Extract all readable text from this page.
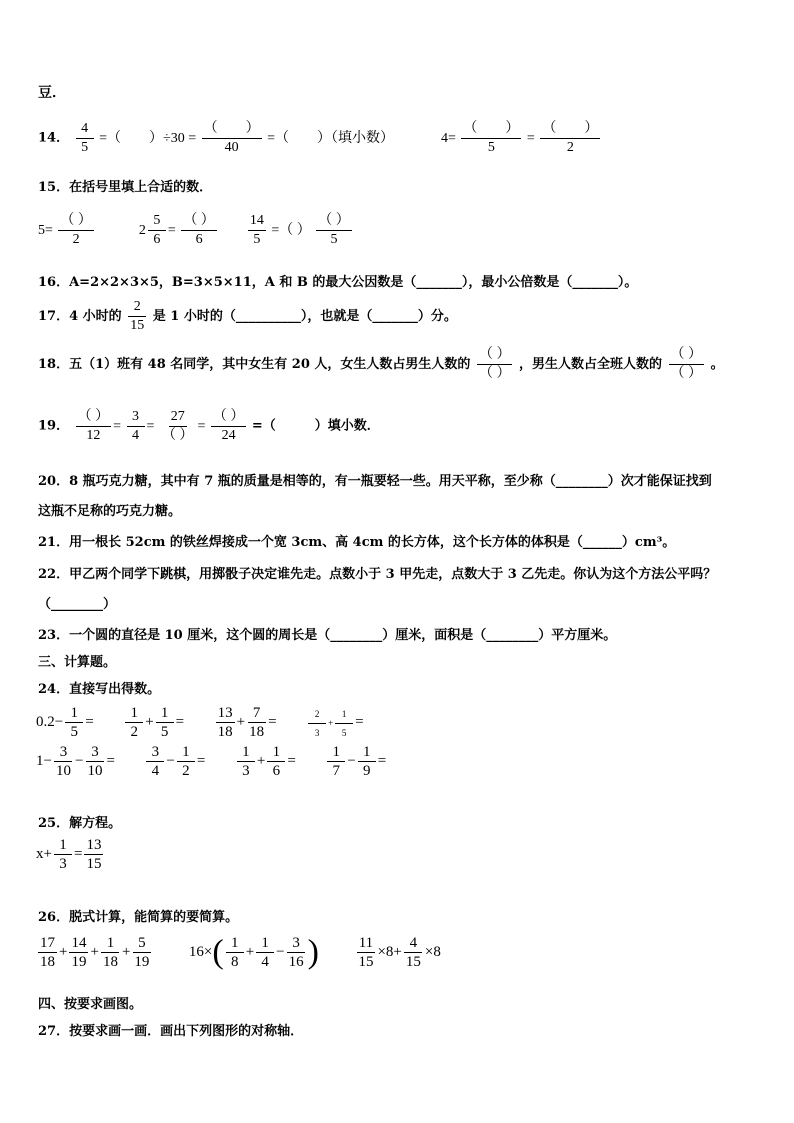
豆．
14． $\frac{4}{5}$ =（　　）$\div 30 = \frac{( )}{40}$ =（　　）（填小数）	$4= \frac{( )}{5} = \frac{( )}{2}$
15．在括号里填上合适的数．
$5= \frac{( )}{2}$
	$2 \frac{5}{6} = \frac{( )}{6}$
$\frac{14}{5}$ =（ ） $\frac{( )}{5}$
16．A=2×2×3×5，B=3×5×11，A 和 B 的最大公因数是（_______），最小公倍数是（_______）。
17．4 小时的 $\frac{2}{15}$ 是 1 小时的（__________），也就是（_______）分。
18．五（1）班有 48 名同学，其中女生有 20 人，女生人数占男生人数的 $\frac{( )}{( )}$ ，男生人数占全班人数的 $\frac{( )}{( )}$ 。
19． $\frac{( )}{12} = \frac{3}{4} = \frac{27}{( )} = \frac{( )}{24}$ =（　　　）填小数．
20．8 瓶巧克力糖，其中有 7 瓶的质量是相等的，有一瓶要轻一些。用天平称，至少称（________）次才能保证找到
这瓶不足称的巧克力糖。
21．用一根长 52cm 的铁丝焊接成一个宽 3cm、高 4cm 的长方体，这个长方体的体积是（______）cm³。
22．甲乙两个同学下跳棋，用掷骰子决定谁先走。点数小于 3 甲先走，点数大于 3 乙先走。你认为这个方法公平吗？
（________）
23．一个圆的直径是 10 厘米，这个圆的周长是（________）厘米，面积是（________）平方厘米。
三、计算题。
24．直接写出得数。
$0.2- \frac{1}{5} = \frac{1}{2} + \frac{1}{5} = \frac{13}{18} + \frac{7}{18}$ =	$\frac{2}{3} + \frac{1}{5}$ =
$1- \frac{3}{10} - \frac{3}{10} = \frac{3}{4} - \frac{1}{2} = \frac{1}{3} + \frac{1}{6} = \frac{1}{7} - \frac{1}{9}$ =
25．解方程。
$x+ \frac{1}{3} = \frac{13}{15}$
26．脱式计算，能简算的要简算。
$\frac{17}{18} + \frac{14}{19} + \frac{1}{18} + \frac{5}{19}$	$16\times( \frac{1}{8} + \frac{1}{4} - \frac{3}{16}$ )	$\frac{11}{15} \times 8+ \frac{4}{15} \times 8$
四、按要求画图。
27．按要求画一画．画出下列图形的对称轴．
